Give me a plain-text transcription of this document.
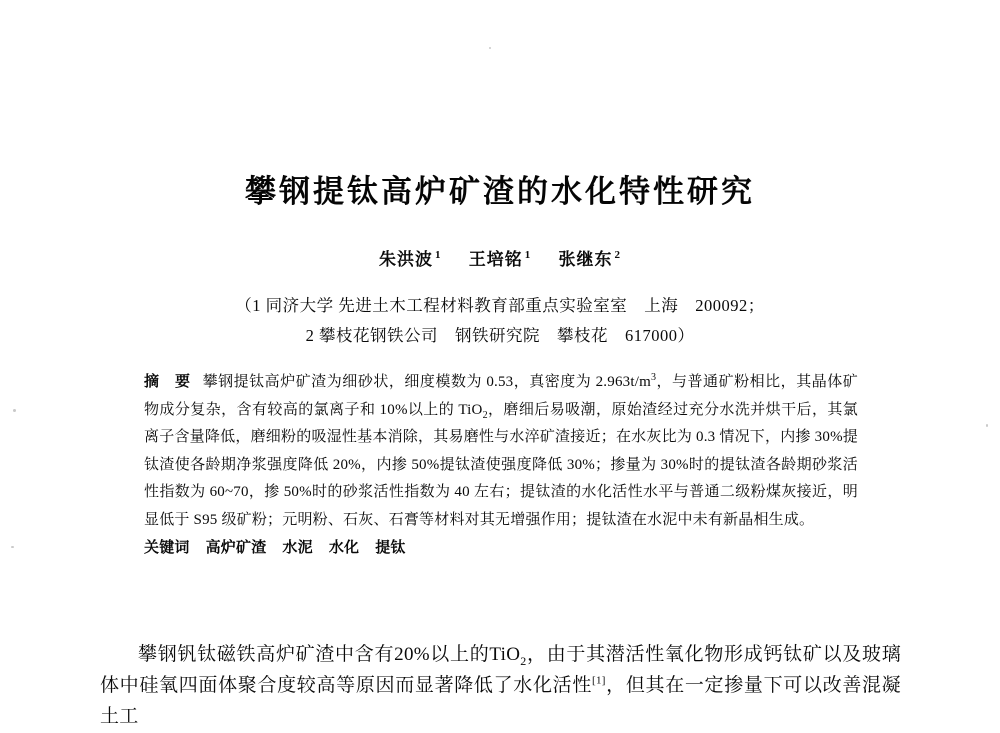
攀钢提钛高炉矿渣的水化特性研究
朱洪波 $^1$ 王培铭 $^1$ 张继东 $^2$
（1 同济大学 先进土木工程材料教育部重点实验室室　上海　200092；
2 攀枝花钢铁公司　钢铁研究院　攀枝花　617000）
摘　要 攀钢提钛高炉矿渣为细砂状，细度模数为 0.53，真密度为 $2.963t/m^3$，与普通矿粉相比，其晶体矿物成分复杂，含有较高的氯离子和 10%以上的 TiO$_2$，磨细后易吸潮，原始渣经过充分水洗并烘干后，其氯离子含量降低，磨细粉的吸湿性基本消除，其易磨性与水淬矿渣接近；在水灰比为 0.3 情况下，内掺 30%提钛渣使各龄期净浆强度降低 20%，内掺 50%提钛渣使强度降低 30%；掺量为 30%时的提钛渣各龄期砂浆活性指数为 60~70，掺 50%时的砂浆活性指数为 40 左右；提钛渣的水化活性水平与普通二级粉煤灰接近，明显低于 S95 级矿粉；元明粉、石灰、石膏等材料对其无增强作用；提钛渣在水泥中未有新晶相生成。
关键词 高炉矿渣 水泥 水化 提钛
攀钢钒钛磁铁高炉矿渣中含有20%以上的TiO$_2$，由于其潜活性氧化物形成钙钛矿以及玻璃体中硅氧四面体聚合度较高等原因而显著降低了水化活性[1]，但其在一定掺量下可以改善混凝土工
